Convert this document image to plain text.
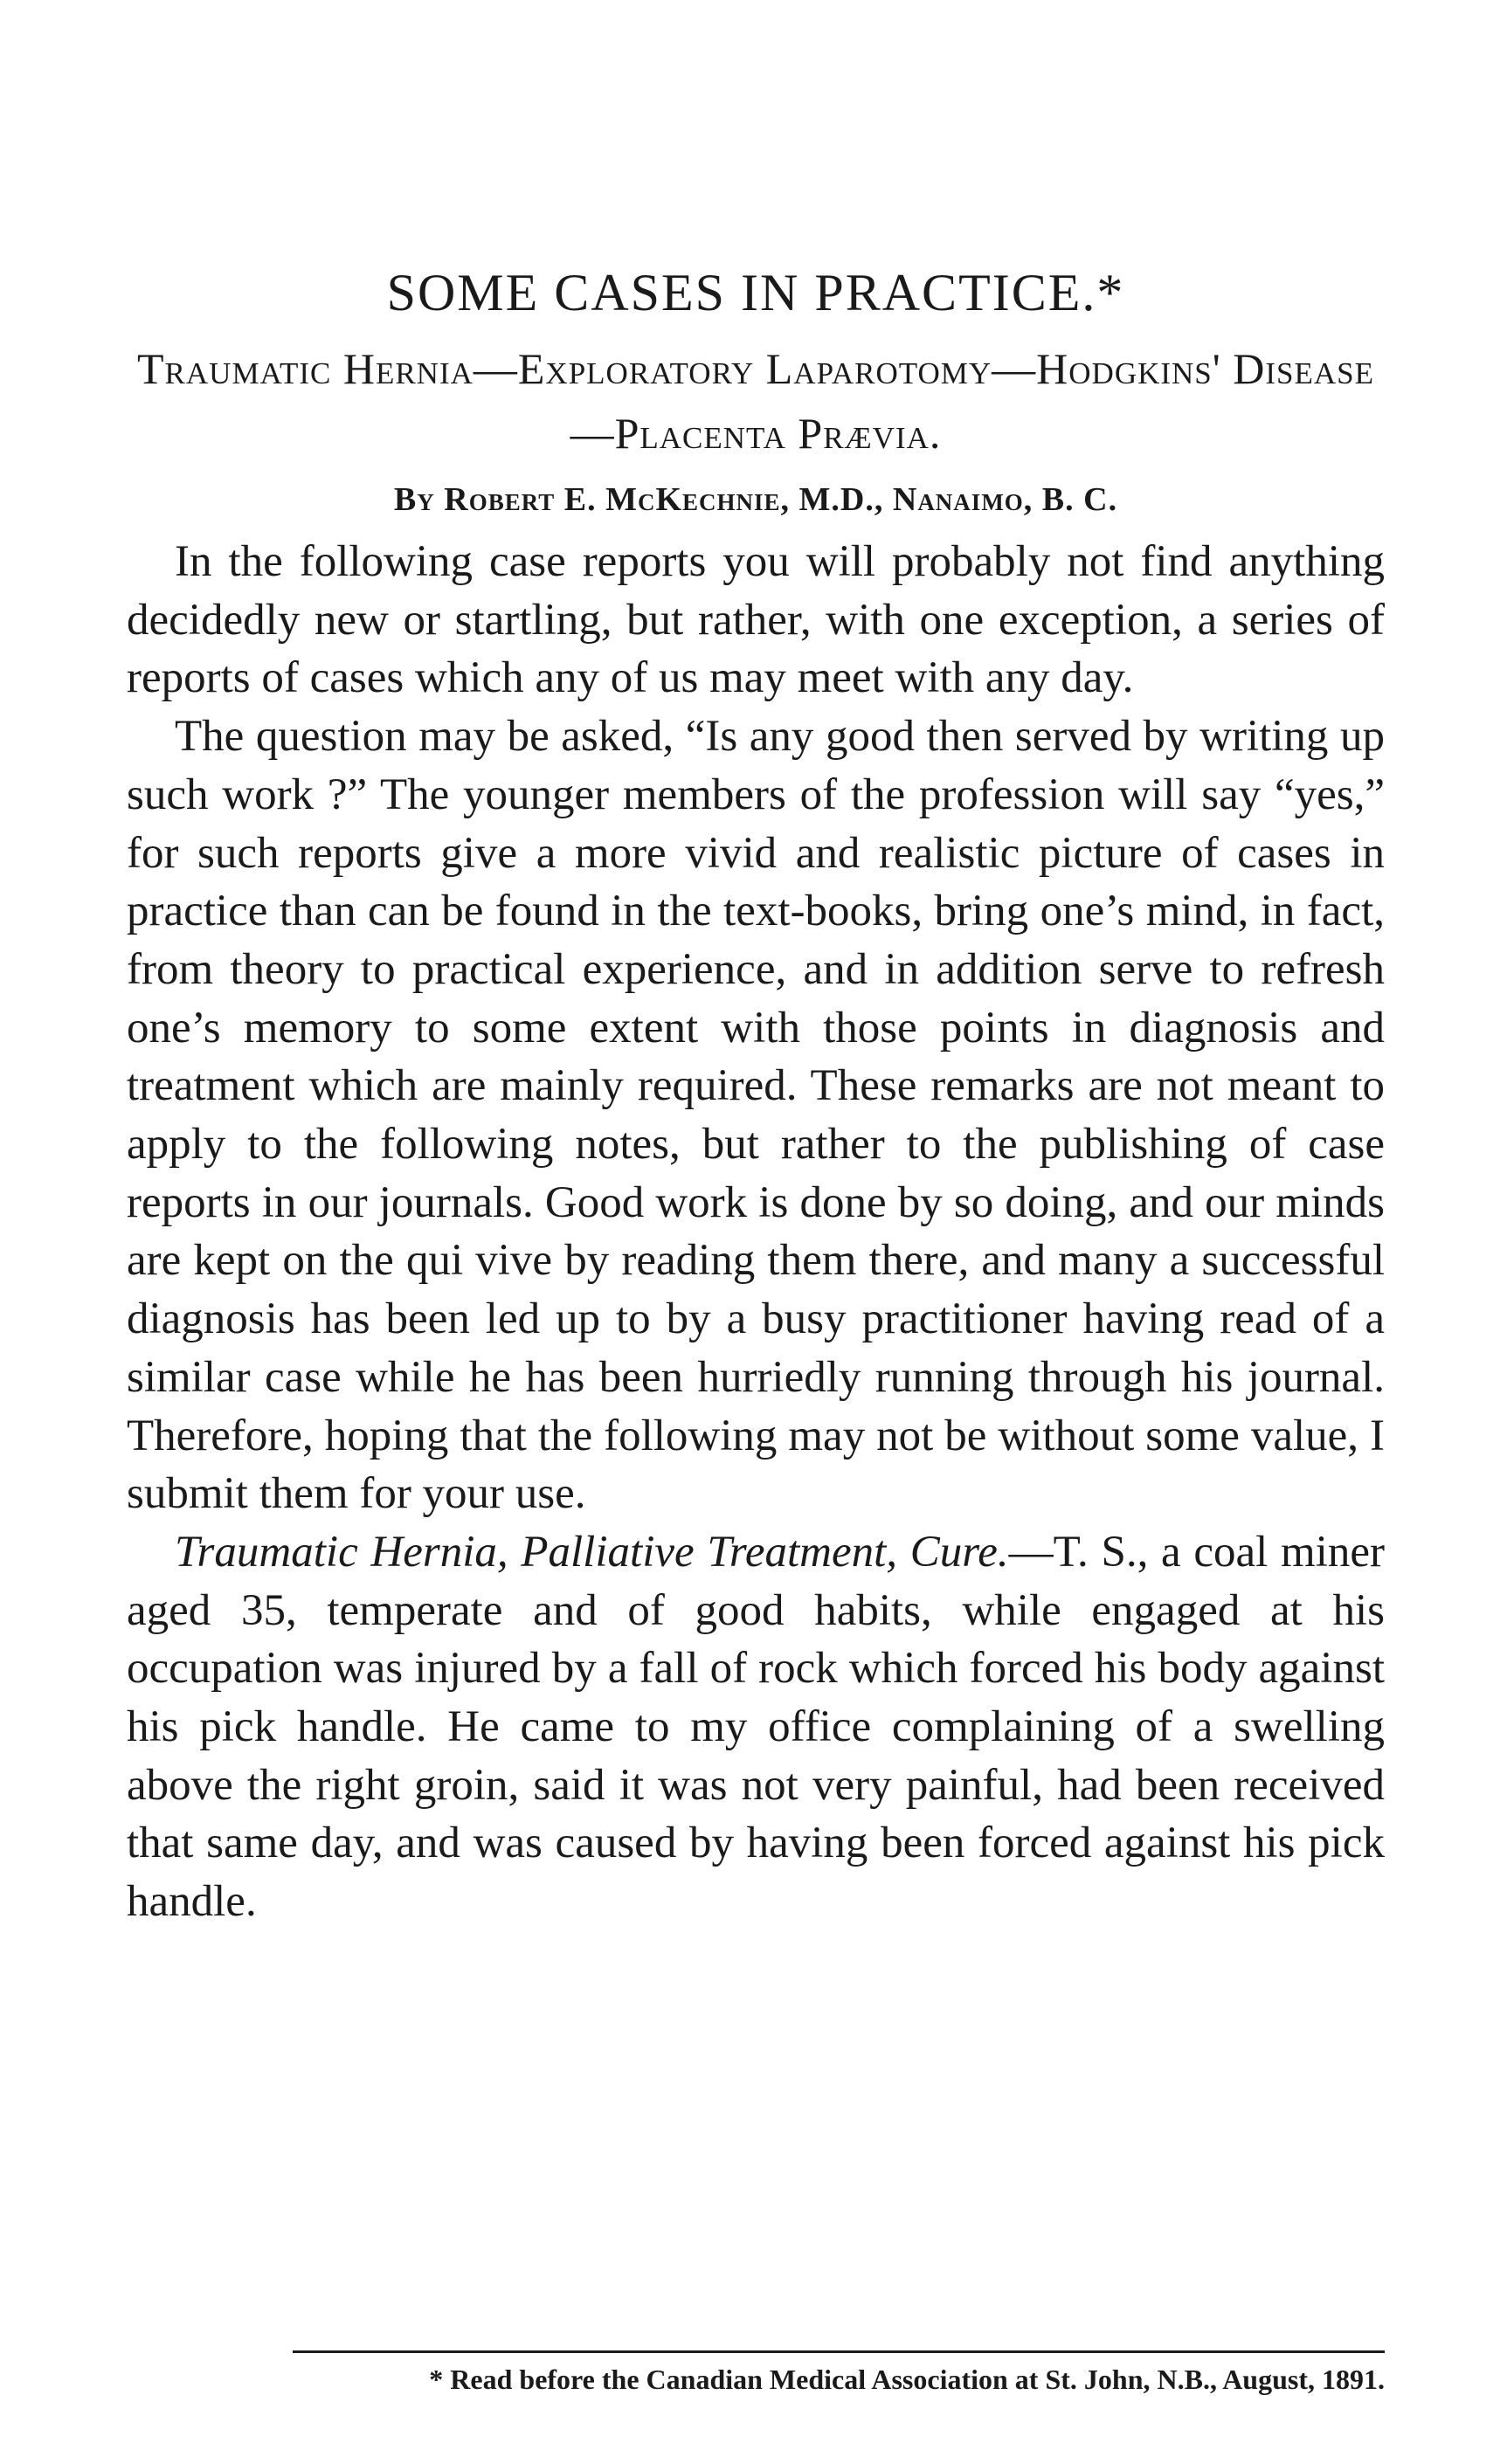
SOME CASES IN PRACTICE.*
Traumatic Hernia—Exploratory Laparotomy—Hodgkins' Disease—Placenta Prævia.
By Robert E. McKechnie, M.D., Nanaimo, B. C.

In the following case reports you will probably not find anything decidedly new or startling, but rather, with one exception, a series of reports of cases which any of us may meet with any day.

The question may be asked, “Is any good then served by writing up such work ?” The younger members of the profession will say “yes,” for such reports give a more vivid and realistic picture of cases in practice than can be found in the text-books, bring one’s mind, in fact, from theory to practical experience, and in addition serve to refresh one’s memory to some extent with those points in diagnosis and treatment which are mainly required. These remarks are not meant to apply to the following notes, but rather to the publishing of case reports in our journals. Good work is done by so doing, and our minds are kept on the qui vive by reading them there, and many a successful diagnosis has been led up to by a busy practitioner having read of a similar case while he has been hurriedly running through his journal. Therefore, hoping that the following may not be without some value, I submit them for your use.

Traumatic Hernia, Palliative Treatment, Cure.—T. S., a coal miner aged 35, temperate and of good habits, while engaged at his occupation was injured by a fall of rock which forced his body against his pick handle. He came to my office complaining of a swelling above the right groin, said it was not very painful, had been received that same day, and was caused by having been forced against his pick handle.

* Read before the Canadian Medical Association at St. John, N.B., August, 1891.
